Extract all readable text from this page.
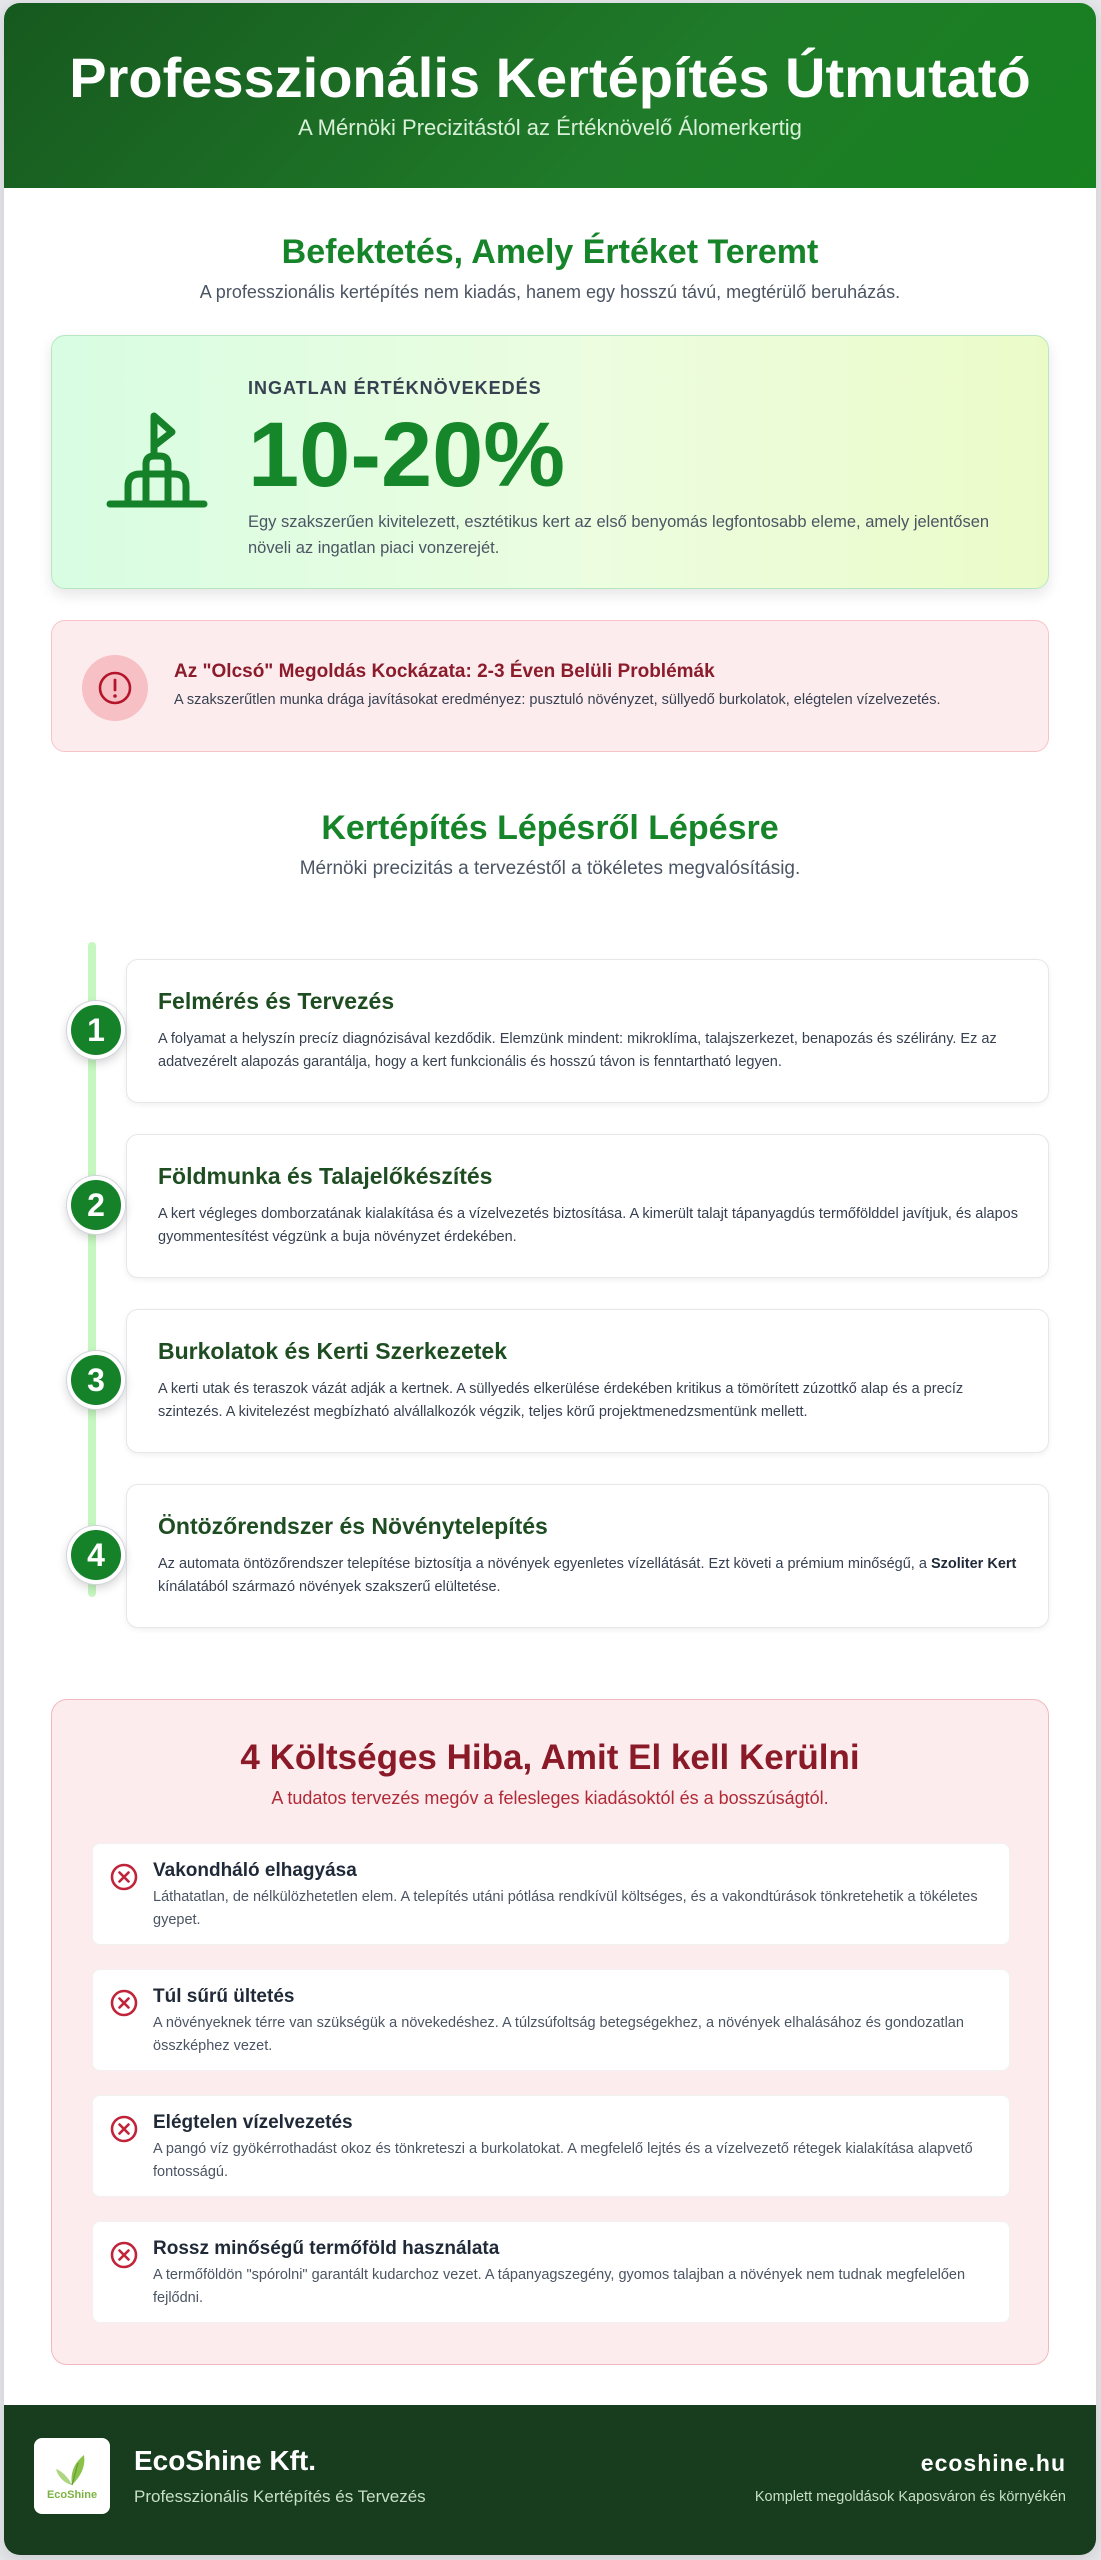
Professzionális Kertépítés Útmutató

A Mérnöki Precizitástól az Értéknövelő Álomerkertig

Befektetés, Amely Értéket Teremt

A professzionális kertépítés nem kiadás, hanem egy hosszú távú, megtérülő beruházás.

INGATLAN ÉRTÉKNÖVEKEDÉS
10-20%

Egy szakszerűen kivitelezett, esztétikus kert az első benyomás legfontosabb eleme, amely jelentősen növeli az ingatlan piaci vonzerejét.

Az "Olcsó" Megoldás Kockázata: 2-3 Éven Belüli Problémák
A szakszerűtlen munka drága javításokat eredményez: pusztuló növényzet, süllyedő burkolatok, elégtelen vízelvezetés.
Kertépítés Lépésről Lépésre

Mérnöki precizitás a tervezéstől a tökéletes megvalósításig.

Felmérés és Tervezés

A folyamat a helyszín precíz diagnózisával kezdődik. Elemzünk mindent: mikroklíma, talajszerkezet, benapozás és szélirány. Ez az adatvezérelt alapozás garantálja, hogy a kert funkcionális és hosszú távon is fenntartható legyen.

1
Földmunka és Talajelőkészítés

A kert végleges domborzatának kialakítása és a vízelvezetés biztosítása. A kimerült talajt tápanyagdús termőfölddel javítjuk, és alapos gyommentesítést végzünk a buja növényzet érdekében.

2
Burkolatok és Kerti Szerkezetek

A kerti utak és teraszok vázát adják a kertnek. A süllyedés elkerülése érdekében kritikus a tömörített zúzottkő alap és a precíz szintezés. A kivitelezést megbízható alvállalkozók végzik, teljes körű projektmenedzsmentünk mellett.

3
Öntözőrendszer és Növénytelepítés

Az automata öntözőrendszer telepítése biztosítja a növények egyenletes vízellátását. Ezt követi a prémium minőségű, a Szoliter Kert kínálatából származó növények szakszerű elültetése.

4
4 Költséges Hiba, Amit El kell Kerülni

A tudatos tervezés megóv a felesleges kiadásoktól és a bosszúságtól.

Vakondháló elhagyása

Láthatatlan, de nélkülözhetetlen elem. A telepítés utáni pótlása rendkívül költséges, és a vakondtúrások tönkretehetik a tökéletes gyepet.

Túl sűrű ültetés

A növényeknek térre van szükségük a növekedéshez. A túlzsúfoltság betegségekhez, a növények elhalásához és gondozatlan összképhez vezet.

Elégtelen vízelvezetés

A pangó víz gyökérrothadást okoz és tönkreteszi a burkolatokat. A megfelelő lejtés és a vízelvezető rétegek kialakítása alapvető fontosságú.

Rossz minőségű termőföld használata

A termőföldön "spórolni" garantált kudarchoz vezet. A tápanyagszegény, gyomos talajban a növények nem tudnak megfelelően fejlődni.

EcoShine
EcoShine Kft.
Professzionális Kertépítés és Tervezés
ecoshine.hu
Komplett megoldások Kaposváron és környékén
